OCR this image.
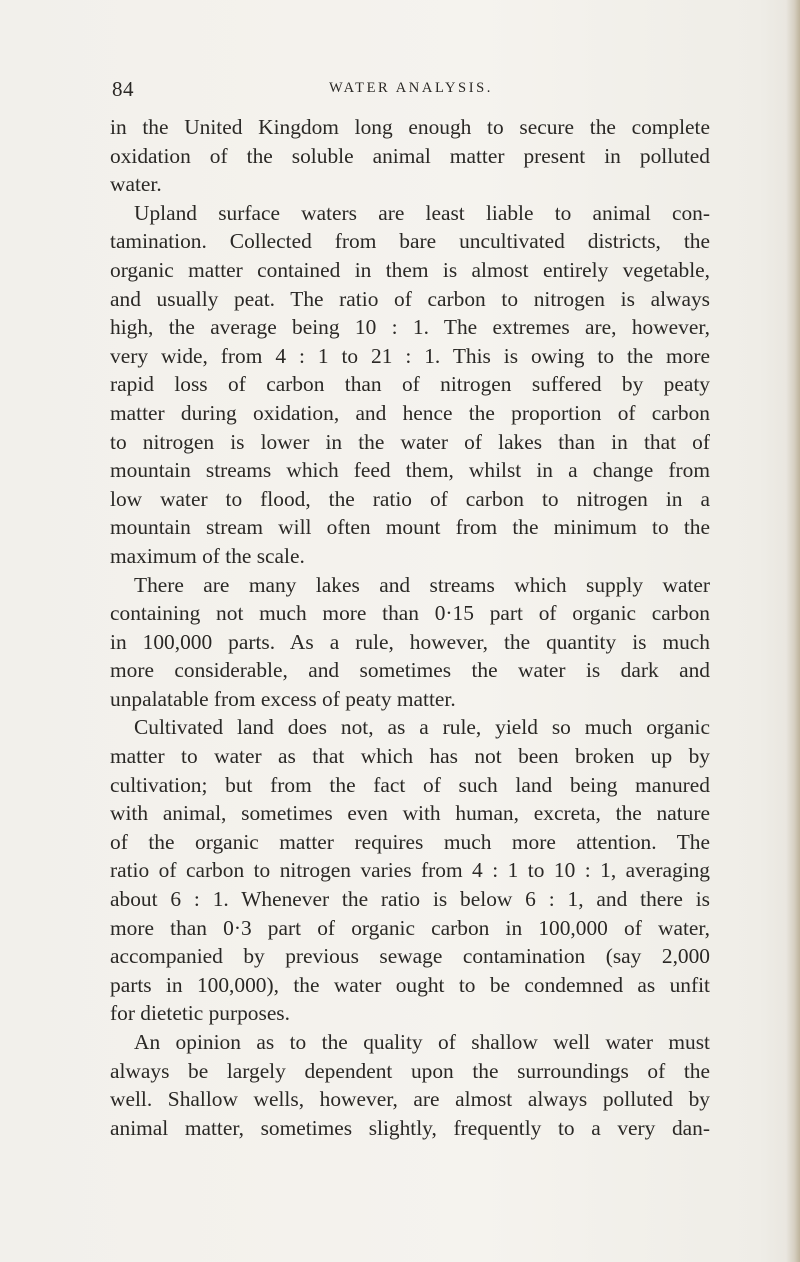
84	WATER ANALYSIS.
in the United Kingdom long enough to secure the complete
oxidation of the soluble animal matter present in polluted
water.
Upland surface waters are least liable to animal con-
tamination. Collected from bare uncultivated districts, the
organic matter contained in them is almost entirely vegetable,
and usually peat. The ratio of carbon to nitrogen is always
high, the average being 10 : 1. The extremes are, however,
very wide, from 4 : 1 to 21 : 1. This is owing to the more
rapid loss of carbon than of nitrogen suffered by peaty
matter during oxidation, and hence the proportion of carbon
to nitrogen is lower in the water of lakes than in that of
mountain streams which feed them, whilst in a change from
low water to flood, the ratio of carbon to nitrogen in a
mountain stream will often mount from the minimum to the
maximum of the scale.
There are many lakes and streams which supply water
containing not much more than 0·15 part of organic carbon
in 100,000 parts. As a rule, however, the quantity is much
more considerable, and sometimes the water is dark and
unpalatable from excess of peaty matter.
Cultivated land does not, as a rule, yield so much organic
matter to water as that which has not been broken up by
cultivation; but from the fact of such land being manured
with animal, sometimes even with human, excreta, the nature
of the organic matter requires much more attention. The
ratio of carbon to nitrogen varies from 4 : 1 to 10 : 1, averaging
about 6 : 1. Whenever the ratio is below 6 : 1, and there is
more than 0·3 part of organic carbon in 100,000 of water,
accompanied by previous sewage contamination (say 2,000
parts in 100,000), the water ought to be condemned as unfit
for dietetic purposes.
An opinion as to the quality of shallow well water must
always be largely dependent upon the surroundings of the
well. Shallow wells, however, are almost always polluted by
animal matter, sometimes slightly, frequently to a very dan-
